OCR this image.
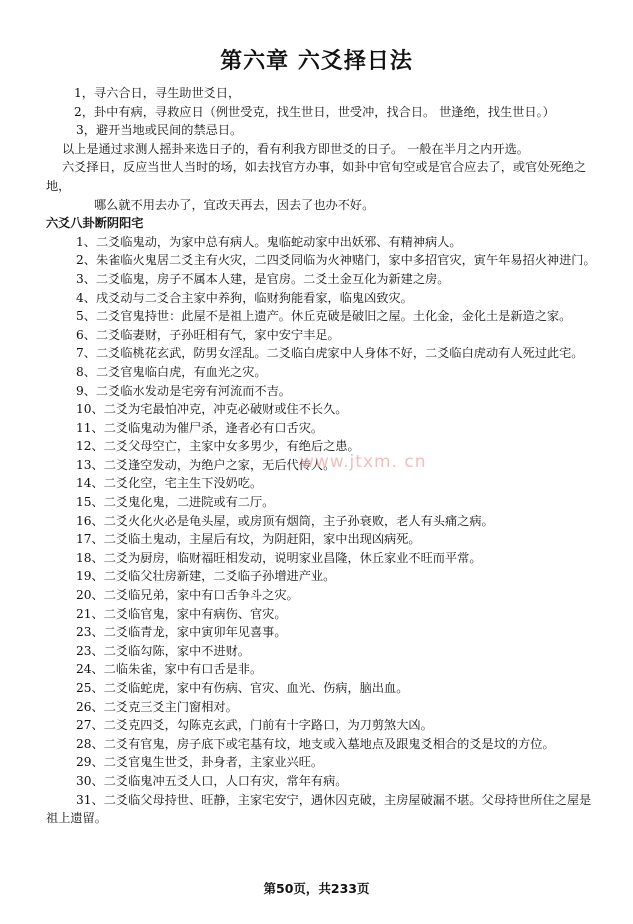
第六章 六爻择日法

1，寻六合日，寻生助世爻日，

2，卦中有病，寻救应日（例世受克，找生世日，世受冲，找合日。 世逢绝，找生世日。）

3，避开当地或民间的禁忌日。

以上是通过求测人摇卦来选日子的，看有利我方即世爻的日子。 一般在半月之内开选。

六爻择日，反应当世人当时的场，如去找官方办事，如卦中官旬空或是官合应去了，或官处死绝之地，

哪么就不用去办了，宜改天再去，因去了也办不好。

六爻八卦断阴阳宅

1、二爻临鬼动，为家中总有病人。鬼临蛇动家中出妖邪、有精神病人。

2、朱雀临火鬼居二爻主有火灾，二四爻同临为火神赌门，家中多招官灾，寅午年易招火神进门。

3、二爻临鬼，房子不属本人建，是官房。二爻土金互化为新建之房。

4、戌爻动与二爻合主家中养狗，临财狗能看家，临鬼凶致灾。

5、二爻官鬼持世：此屋不是祖上遗产。休丘克破是破旧之屋。土化金，金化土是新造之家。

6、二爻临妻财，子孙旺相有气，家中安宁丰足。

7、二爻临桃花玄武，防男女淫乱。二爻临白虎家中人身体不好，二爻临白虎动有人死过此宅。

8、二爻官鬼临白虎，有血光之灾。

9、二爻临水发动是宅旁有河流而不吉。

10、二爻为宅最怕冲克，冲克必破财或住不长久。

11、二爻临鬼动为催尸杀，逢者必有口舌灾。

12、二爻父母空亡，主家中女多男少，有绝后之患。

13、二爻逢空发动，为绝户之家，无后代传人。

14、二爻化空，宅主生下没奶吃。

15、二爻鬼化鬼，二进院或有二厅。

16、二爻火化火必是龟头屋，或房顶有烟筒，主子孙衰败，老人有头痛之病。

17、二爻临土鬼动，主屋后有坟，为阴赶阳，家中出现凶病死。

18、二爻为厨房，临财福旺相发动，说明家业昌隆，休丘家业不旺而平常。

19、二爻临父壮房新建，二爻临子孙增进产业。

20、二爻临兄弟，家中有口舌争斗之灾。

21、二爻临官鬼，家中有病伤、官灾。

23、二爻临青龙，家中寅卯年见喜事。

23、二爻临勾陈，家中不进财。

24、二临朱雀，家中有口舌是非。

25、二爻临蛇虎，家中有伤病、官灾、血光、伤病，脑出血。

26、二爻克三爻主门窗相对。

27、二爻克四爻，勾陈克玄武，门前有十字路口，为刀剪煞大凶。

28、二爻有官鬼，房子底下或宅基有坟，地支或入墓地点及跟鬼爻相合的爻是坟的方位。

29、二爻官鬼生世爻，卦身者，主家业兴旺。

30、二爻临鬼冲五爻人口，人口有灾，常年有病。

31、二爻临父母持世、旺静，主家宅安宁，遇休囚克破，主房屋破漏不堪。父母持世所住之屋是祖上遗留。

www.jtxm. cn
第50页，共233页
